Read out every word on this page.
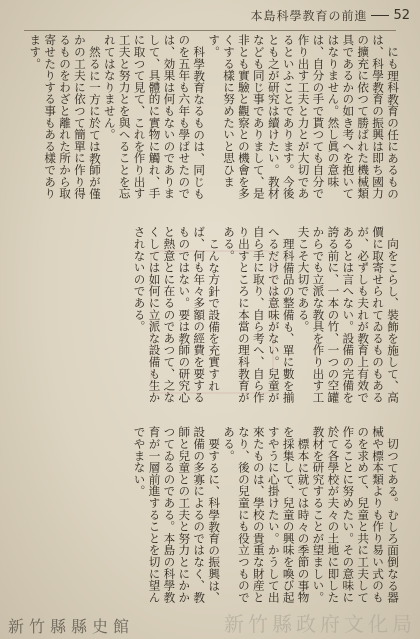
本島科學教育の前進 52

にも理科教育の任にあるものは、科學教育の振興は即ち國力の擴充に依つて勝ばれた機械類具であるかの如き考へを抱いてはなりません。然し眞の意味は、自分の手で貰つても自分で作り出す工夫と力とが大切であるといふことであります。今後とも之が研究は續けたい。教材なども同じ事でありまして、是非とも實驗と觀察との機會を多くする樣に努めたいと思ひます。

科學教育なるものは、同じものを五年も六年も學ばせたのでは、効果は何もないのでありまして、具體的に實物に觸れ、手に取つて見て、これを作り出す工夫と努力とを與へることを忘れてはなりません。

然るに一方に於ては教師が僅かの工夫に依つて簡單に作り得るものをわざと離れた所から取寄せたりする事もある樣であります。

向をこらし、裝飾を施して、高價に取寄せられてゐるものもあるが、必ずしも夫れが教育上有效であるとは言へない。設備の完備を誇る前に、一本の竹、一つの空罐からでも立派な教具を作り出す工夫こそ大切である。

理科備品の整備も、單に數を揃へるだけでは意味がない。兒童が自ら手に取り、自ら考へ、自ら作り出すところに本當の理科教育がある。

こんな方針で設備を充實すれば、何も年々多額の經費を要するものではない。要は教師の研究心と熱意とに在るのであつて、之なくしては如何に立派な設備も生かされないのである。

切つてある。むしろ面倒なる器械や標本類よりも作り易い式のものを求めて、兒童と共に工夫して作ることに努めたい。その意味に於て各學校が夫々の土地に即した教材を研究することが望ましい。

標本に就ては時々の季節の事物を採集して、兒童の興味を喚び起すやうに心掛けたい。かうして出來たものは、學校の貴重な財産となり、後の兒童にも役立つものである。

要するに、科學教育の振興は、設備の多寡によるのではなく、教師と兒童との工夫と努力とにかかつてゐるのである。本島の科學教育が一層前進することを切に望んでやまない。

新竹縣縣史館	新竹縣政府文化局
